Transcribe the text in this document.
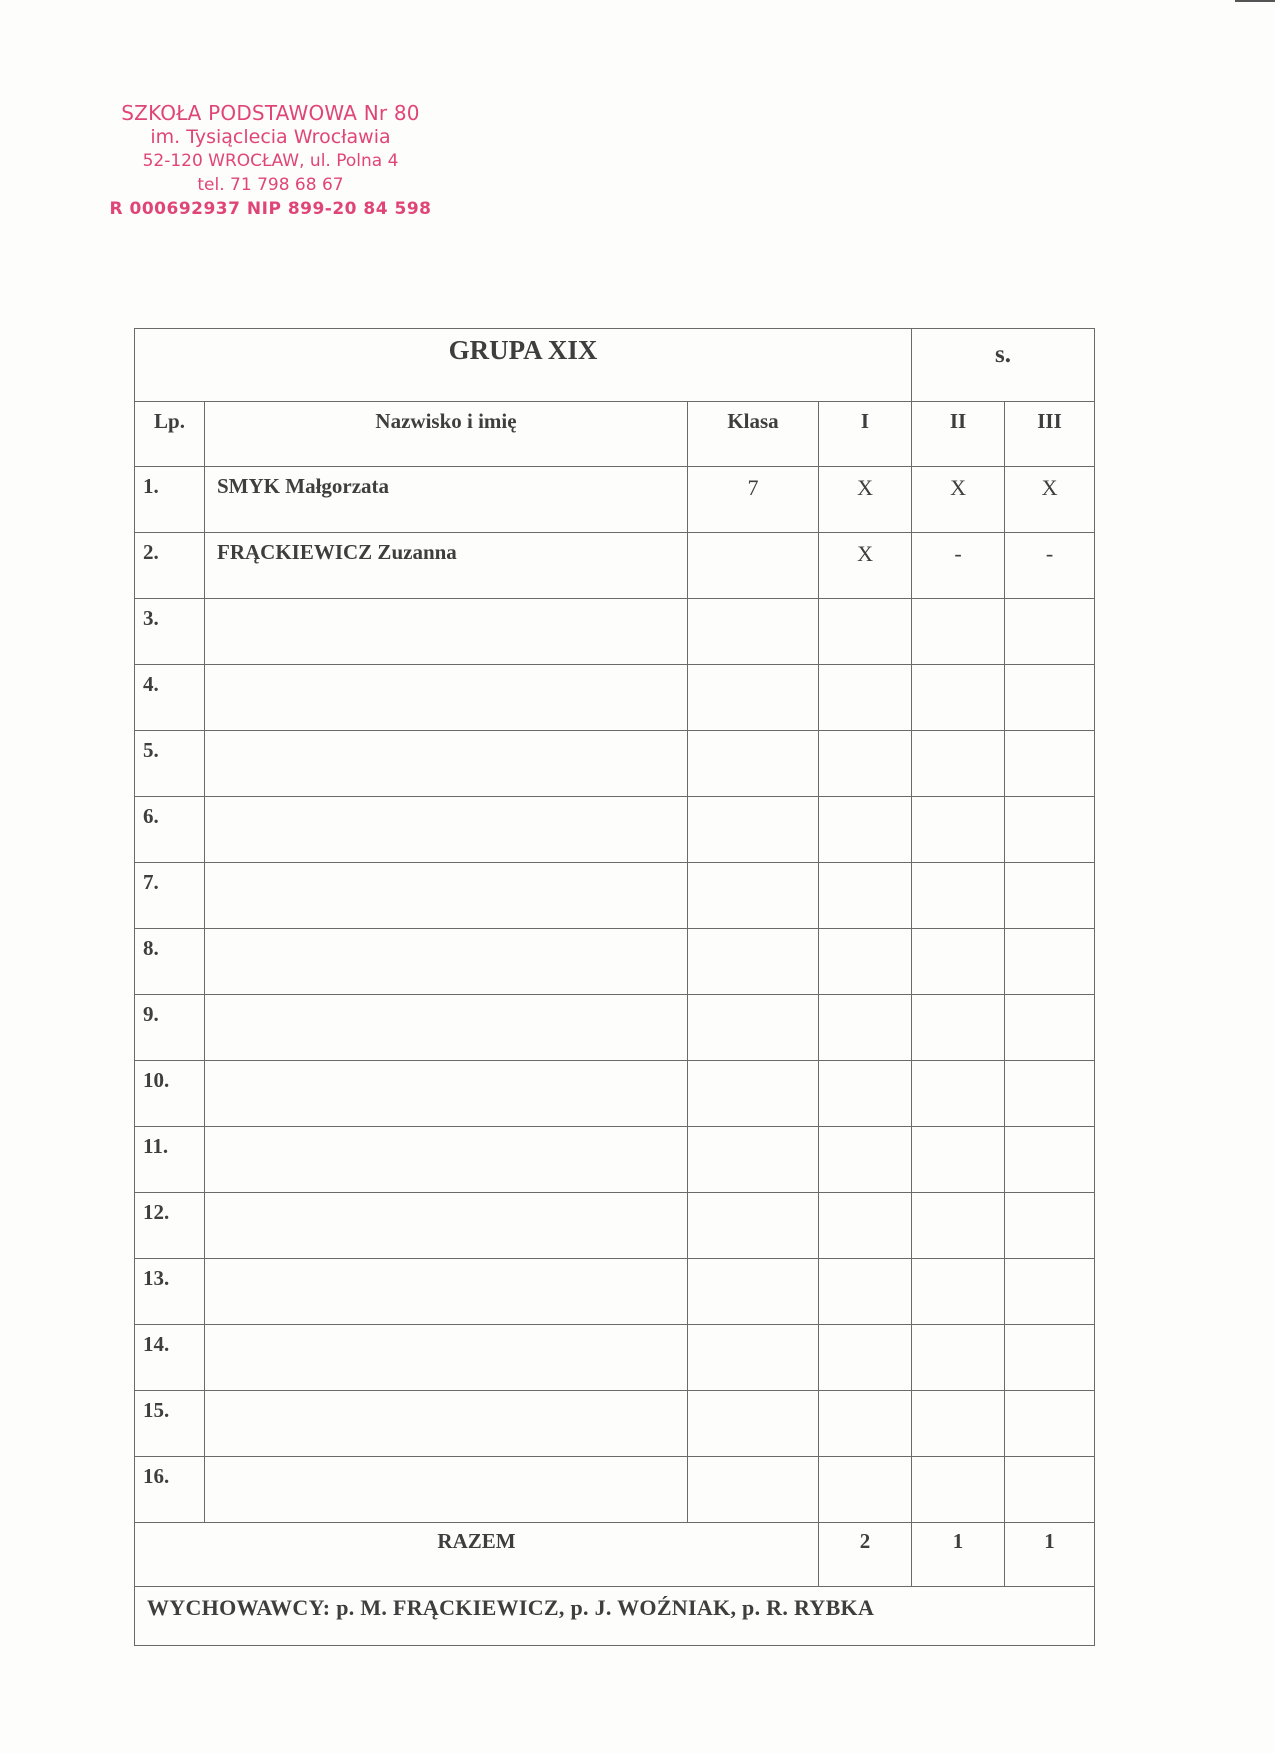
SZKOŁA PODSTAWOWA Nr 80
im. Tysiąclecia Wrocławia
52-120 WROCŁAW, ul. Polna 4
tel. 71 798 68 67
R 000692937 NIP 899-20 84 598
GRUPA XIX				s.	
Lp.	Nazwisko i imię	Klasa	I	II	III
1.	SMYK Małgorzata	7	X	X	X
2.	FRĄCKIEWICZ Zuzanna		X	-	-
3.					
4.					
5.					
6.					
7.					
8.					
9.					
10.					
11.					
12.					
13.					
14.					
15.					
16.					
RAZEM			2	1	1
WYCHOWAWCY: p. M. FRĄCKIEWICZ, p. J. WOŹNIAK, p. R. RYBKA					
